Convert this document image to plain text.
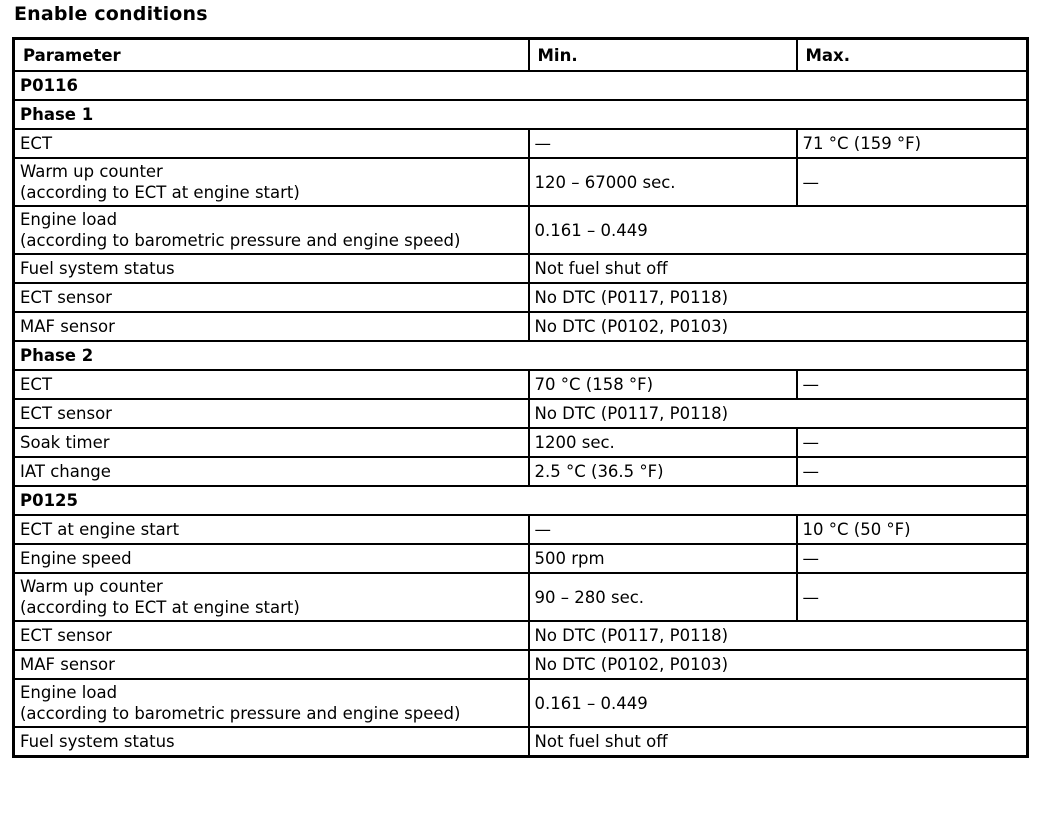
Enable conditions
Parameter	Min.	Max.
P0116		
Phase 1		
ECT	—	71 °C (159 °F)

Warm up counter
(according to ECT at engine start)	120 – 67000 sec.	—

Engine load
(according to barometric pressure and engine speed)	0.161 – 0.449	
Fuel system status	Not fuel shut off	
ECT sensor	No DTC (P0117, P0118)	
MAF sensor	No DTC (P0102, P0103)	
Phase 2		
ECT	70 °C (158 °F)	—
ECT sensor	No DTC (P0117, P0118)	
Soak timer	1200 sec.	—
IAT change	2.5 °C (36.5 °F)	—
P0125		
ECT at engine start	—	10 °C (50 °F)
Engine speed	500 rpm	—

Warm up counter
(according to ECT at engine start)	90 – 280 sec.	—
ECT sensor	No DTC (P0117, P0118)	
MAF sensor	No DTC (P0102, P0103)	

Engine load
(according to barometric pressure and engine speed)	0.161 – 0.449	
Fuel system status	Not fuel shut off	
